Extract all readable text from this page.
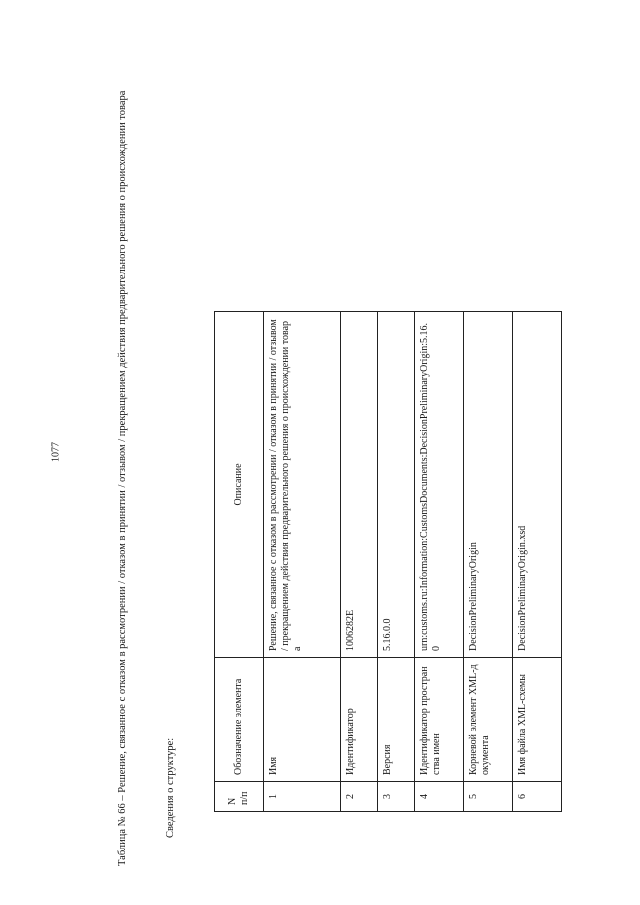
1077	Таблица № 66 – Решение, связанное с отказом в рассмотрении / отказом в принятии / отзывом / прекращением действия предварительного решения о происхождении товара	Сведения о структуре:	N п/п	Обозначение элемента	Описание
1	Имя	Решение, связанное с отказом в рассмотрении / отказом в принятии / отзывом / прекращением действия предварительного решения о происхождении товара
2	Идентификатор	1006282E
3	Версия	5.16.0.0
4	Идентификатор пространства имен	urn:customs.ru:Information:CustomsDocuments:DecisionPreliminaryOrigin:5.16.0
5	Корневой элемент XML-документа	DecisionPreliminaryOrigin
6	Имя файла XML-схемы	DecisionPreliminaryOrigin.xsd
